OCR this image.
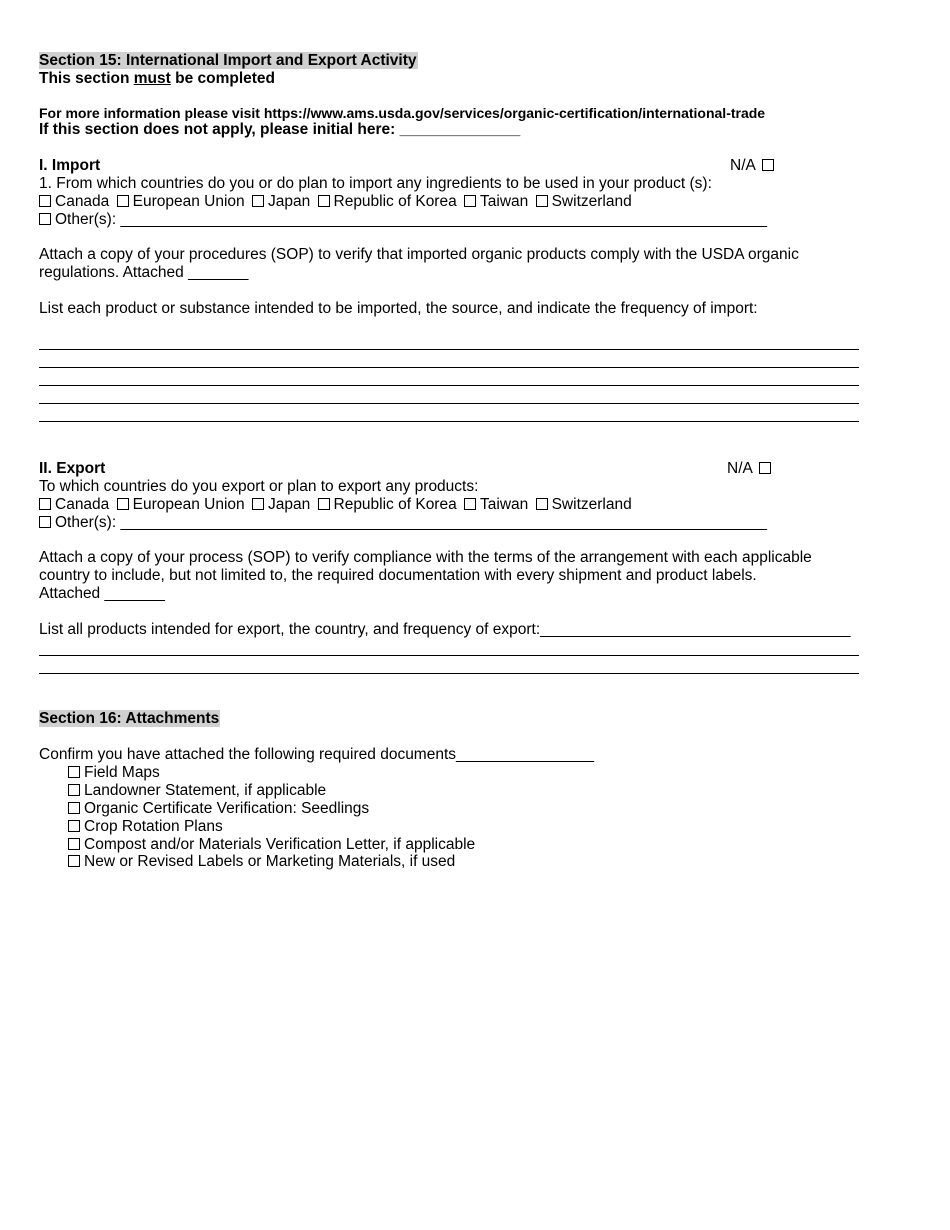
Section 15: International Import and Export Activity
This section must be completed
For more information please visit https://www.ams.usda.gov/services/organic-certification/international-trade
If this section does not apply, please initial here: ______________
I. Import	N/A
1. From which countries do you or do plan to import any ingredients to be used in your product (s):
Canada European Union Japan Republic of Korea Taiwan Switzerland
Other(s): ___________________________________________________________________________
Attach a copy of your procedures (SOP) to verify that imported organic products comply with the USDA organic regulations. Attached _______
List each product or substance intended to be imported, the source, and indicate the frequency of import:
II. Export	N/A
To which countries do you export or plan to export any products:
Canada European Union Japan Republic of Korea Taiwan Switzerland
Other(s): ___________________________________________________________________________
Attach a copy of your process (SOP) to verify compliance with the terms of the arrangement with each applicable country to include, but not limited to, the required documentation with every shipment and product labels.
Attached _______
List all products intended for export, the country, and frequency of export:____________________________________
Section 16: Attachments
Confirm you have attached the following required documents________________
Field Maps
Landowner Statement, if applicable
Organic Certificate Verification: Seedlings
Crop Rotation Plans
Compost and/or Materials Verification Letter, if applicable
New or Revised Labels or Marketing Materials, if used
